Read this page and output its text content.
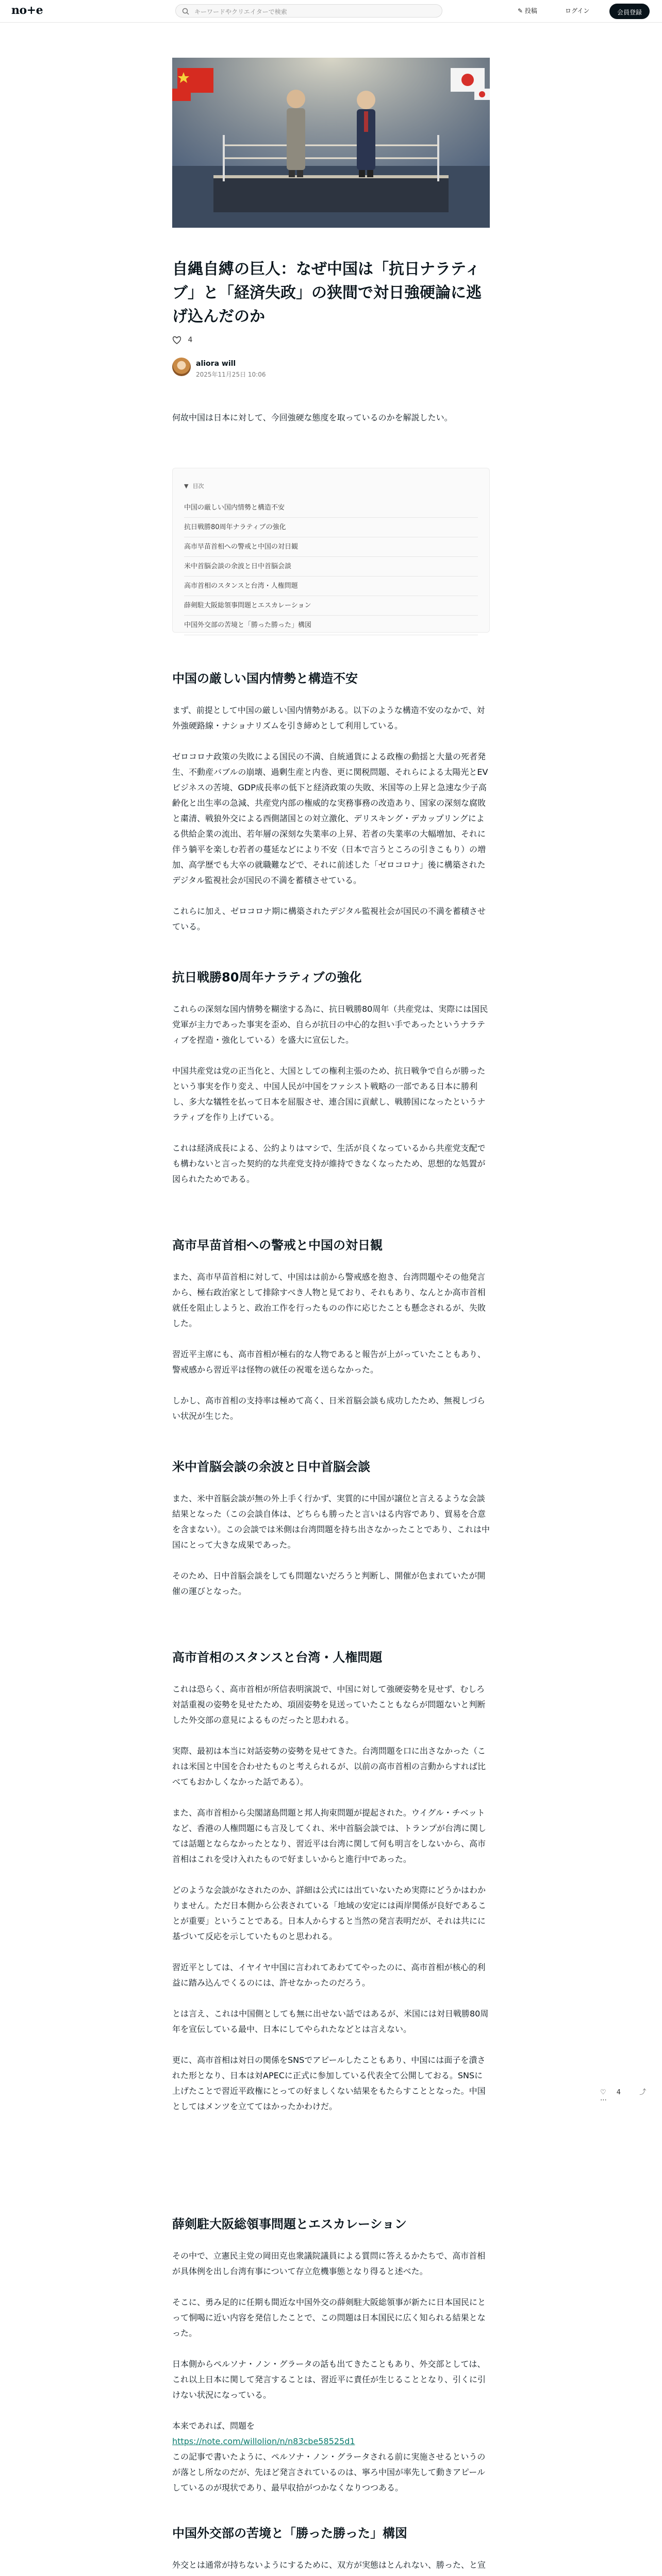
no+e	キーワードやクリエイターで検索	✎ 投稿	ログイン	会員登録
自縄自縛の巨人：なぜ中国は「抗日ナラティブ」と「経済失政」の狭間で対日強硬論に逃げ込んだのか
4
aliora will
2025年11月25日 10:06

何故中国は日本に対して、今回強硬な態度を取っているのかを解説したい。

▼ 目次
中国の厳しい国内情勢と構造不安
抗日戦勝80周年ナラティブの強化
高市早苗首相への警戒と中国の対日観
米中首脳会談の余波と日中首脳会談
高市首相のスタンスと台湾・人権問題
薛剣駐大阪総領事問題とエスカレーション
中国外交部の苦境と「勝った勝った」構図
中国の厳しい国内情勢と構造不安

まず、前提として中国の厳しい国内情勢がある。以下のような構造不安のなかで、対外強硬路線・ナショナリズムを引き締めとして利用している。

ゼロコロナ政策の失敗による国民の不満、自統通貨による政権の動揺と大量の死者発生、不動産バブルの崩壊、過剰生産と内巻、更に関税問題、それらによる太陽光とEVビジネスの苦境、GDP成長率の低下と経済政策の失敗、米国等の上昇と急速な少子高齢化と出生率の急減、共産党内部の権威的な実務事務の改造あり、国家の深刻な腐敗と粛清、戦狼外交による西側諸国との対立激化、デリスキング・デカップリングによる供給企業の流出、若年層の深刻な失業率の上昇、若者の失業率の大幅増加、それに伴う躺平を楽しむ若者の蔓延などにより不安（日本で言うところの引きこもり）の増加、高学歴でも大卒の就職難などで、それに前述した「ゼロコロナ」後に構築されたデジタル監視社会が国民の不満を蓄積させている。

これらに加え、ゼロコロナ期に構築されたデジタル監視社会が国民の不満を蓄積させている。

抗日戦勝80周年ナラティブの強化

これらの深刻な国内情勢を糊塗する為に、抗日戦勝80周年（共産党は、実際には国民党軍が主力であった事実を歪め、自らが抗日の中心的な担い手であったというナラティブを捏造・強化している）を盛大に宣伝した。

中国共産党は党の正当化と、大国としての権利主張のため、抗日戦争で自らが勝ったという事実を作り変え、中国人民が中国をファシスト戦略の一部である日本に勝利し、多大な犠牲を払って日本を屈服させ、連合国に貢献し、戦勝国になったというナラティブを作り上げている。

これは経済成長による、公約よりはマシで、生活が良くなっているから共産党支配でも構わないと言った契約的な共産党支持が維持できなくなったため、思想的な処置が図られたためである。

高市早苗首相への警戒と中国の対日観

また、高市早苗首相に対して、中国はは前から警戒感を抱き、台湾問題やその他発言から、極右政治家として排除すべき人物と見ており、それもあり、なんとか高市首相就任を阻止しようと、政治工作を行ったものの作に応じたことも懸念されるが、失敗した。

習近平主席にも、高市首相が極右的な人物であると報告が上がっていたこともあり、警戒感から習近平は怪物の就任の祝電を送らなかった。

しかし、高市首相の支持率は極めて高く、日米首脳会談も成功したため、無視しづらい状況が生じた。

米中首脳会談の余波と日中首脳会談

また、米中首脳会談が無の外上手く行かず、実質的に中国が譲位と言えるような会談結果となった（この会談自体は、どちらも勝ったと言いはる内容であり、貿易を合意を含まない）。この会談では米側は台湾問題を持ち出さなかったことであり、これは中国にとって大きな成果であった。

そのため、日中首脳会談をしても問題ないだろうと判断し、開催が色まれていたが開催の運びとなった。

高市首相のスタンスと台湾・人権問題

これは恐らく、高市首相が所信表明演説で、中国に対して強硬姿勢を見せず、むしろ対話重視の姿勢を見せたため、項固姿勢を見送っていたこともならが問題ないと判断した外交部の意見によるものだったと思われる。

実際、最初は本当に対話姿勢の姿勢を見せてきた。台湾問題を口に出さなかった（これは米国と中国を合わせたものと考えられるが、以前の高市首相の言動からすれば比べてもおかしくなかった話である）。

また、高市首相から尖閣諸島問題と邦人拘束問題が提起された。ウイグル・チベットなど、香港の人権問題にも言及してくれ、米中首脳会談では、トランプが台湾に関しては話題とならなかったとなり、習近平は台湾に関して何も明言をしないから、高市首相はこれを受け入れたもので好ましいからと進行中であった。

どのような会談がなされたのか、詳細は公式には出ていないため実際にどうかはわかりません。ただ日本側から公表されている「地域の安定には両岸関係が良好であることが重要」ということである。日本人からすると当然の発言表明だが、それは共にに基づいて反応を示していたものと思われる。

習近平としては、イヤイヤ中国に言われてあわててやったのに、高市首相が核心的利益に踏み込んでくるのには、許せなかったのだろう。

とは言え、これは中国側としても無に出せない話ではあるが、米国には対日戦勝80周年を宣伝している最中、日本にしてやられたなどとは言えない。

更に、高市首相は対日の関係をSNSでアピールしたこともあり、中国には面子を潰された形となり、日本は対APECに正式に参加している代表全て公開しておる。SNSに上げたことで習近平政権にとっての好ましくない結果をもたらすこととなった。中国としてはメンツを立ててはかったかわけだ。

薛剣駐大阪総領事問題とエスカレーション

その中で、立憲民主党の岡田克也衆議院議員による質問に答えるかたちで、高市首相が具体例を出し台湾有事について存立危機事態となり得ると述べた。

そこに、勇み足的に任期も間近な中国外交の薛剣駐大阪総領事が新たに日本国民にとって恫喝に近い内容を発信したことで、この問題は日本国民に広く知られる結果となった。

日本側からペルソナ・ノン・グラータの話も出てきたこともあり、外交部としては、これ以上日本に関して発言することは、習近平に責任が生じることとなり、引くに引けない状況になっている。

本来であれば、問題を

https://note.com/willolion/n/n83cbe58525d1

この記事で書いたように、ペルソナ・ノン・グラータされる前に実施させるというのが落とし所なのだが、先ほど発言されているのは、寧ろ中国が率先して動きアピールしているのが現状であり、最早収拾がつかなくなりつつある。

中国外交部の苦境と「勝った勝った」構図

外交とは通常が持ちないようにするために、双方が実態はとんれない、勝った、と宣

♡ 4	⤴ ⋯
